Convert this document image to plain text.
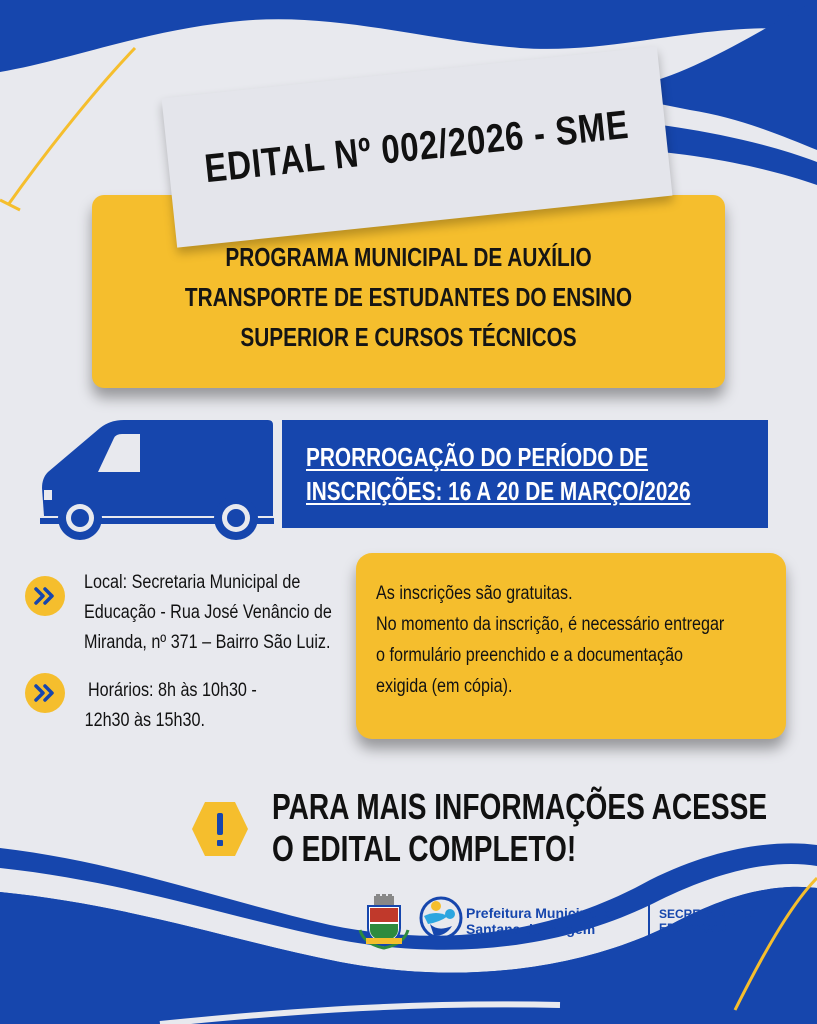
EDITAL Nº 002/2026 - SME
PROGRAMA MUNICIPAL DE AUXÍLIO
TRANSPORTE DE ESTUDANTES DO ENSINO
SUPERIOR E CURSOS TÉCNICOS
PRORROGAÇÃO DO PERÍODO DE
INSCRIÇÕES: 16 A 20 DE MARÇO/2026
Local: Secretaria Municipal de
Educação - Rua José Venâncio de
Miranda, nº 371 – Bairro São Luiz.
Horários: 8h às 10h30 -
12h30 às 15h30.
As inscrições são gratuitas.
No momento da inscrição, é necessário entregar
o formulário preenchido e a documentação
exigida (em cópia).
PARA MAIS INFORMAÇÕES ACESSE
O EDITAL COMPLETO!
Prefeitura Municipal de
Santana da Vargem
SECRETARIA DE
EDUCAÇÃO
